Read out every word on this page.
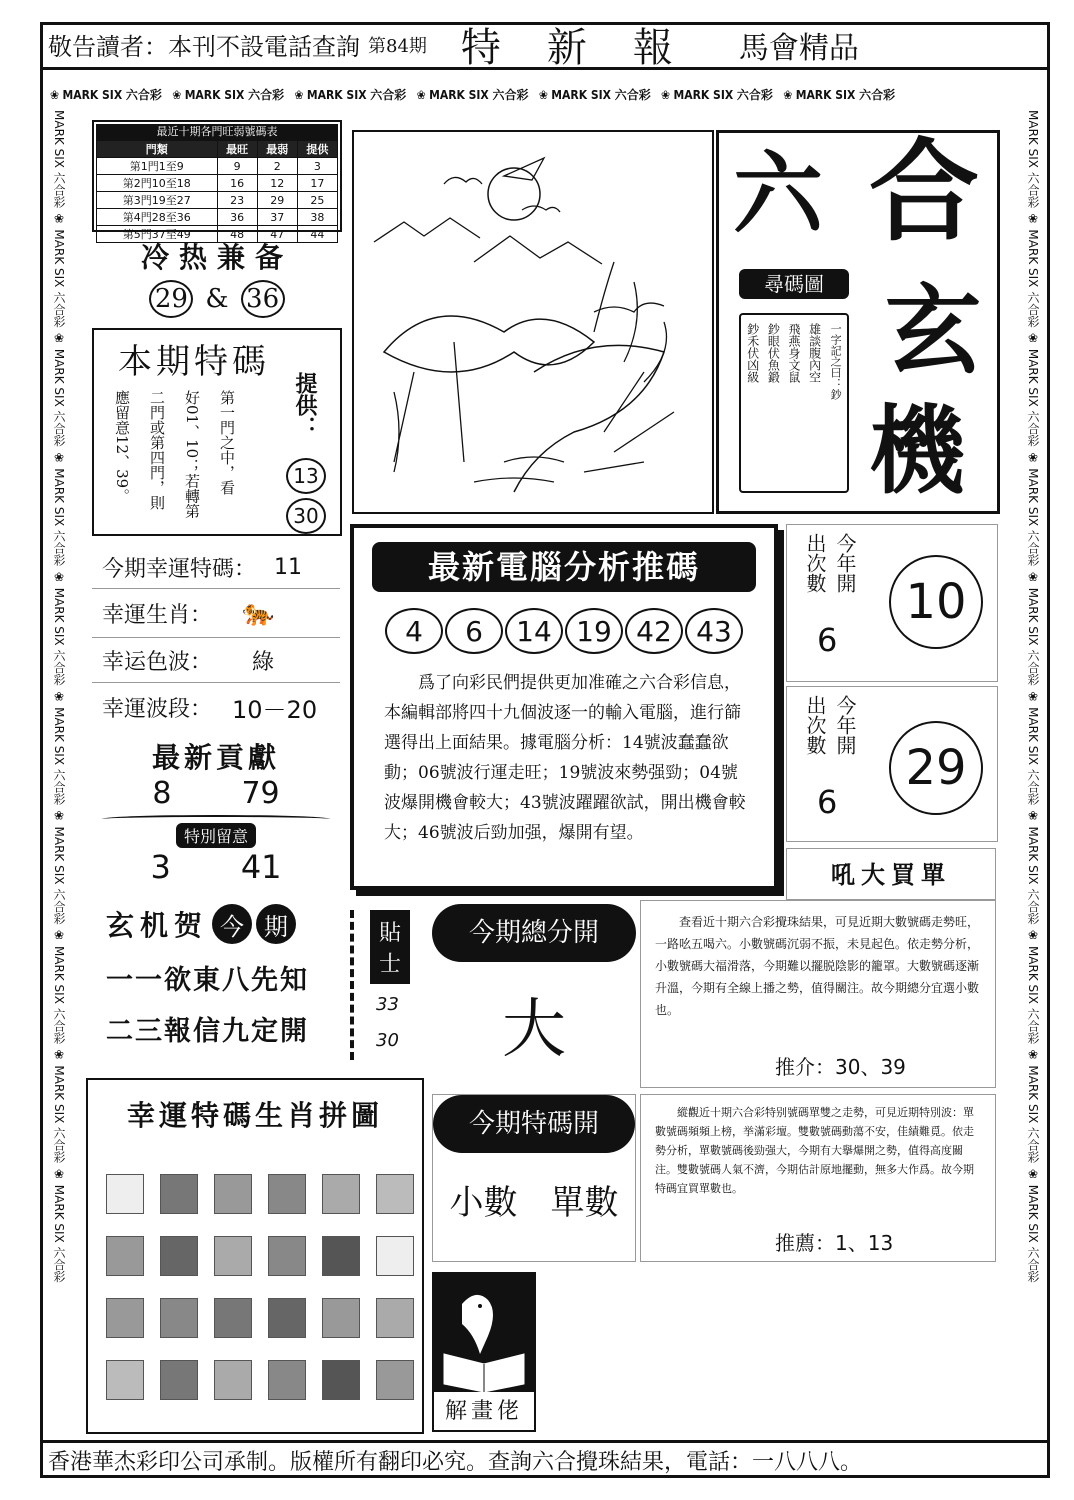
敬告讀者：本刊不設電話查詢 第84期 特新報 馬會精品
❀ MARK SIX 六合彩 ❀ MARK SIX 六合彩 ❀ MARK SIX 六合彩 ❀ MARK SIX 六合彩 ❀ MARK SIX 六合彩 ❀ MARK SIX 六合彩 ❀ MARK SIX 六合彩
MARK SIX 六合彩 ❀ MARK SIX 六合彩 ❀ MARK SIX 六合彩 ❀ MARK SIX 六合彩 ❀ MARK SIX 六合彩 ❀ MARK SIX 六合彩 ❀ MARK SIX 六合彩 ❀ MARK SIX 六合彩 ❀ MARK SIX 六合彩 ❀ MARK SIX 六合彩
MARK SIX 六合彩 ❀ MARK SIX 六合彩 ❀ MARK SIX 六合彩 ❀ MARK SIX 六合彩 ❀ MARK SIX 六合彩 ❀ MARK SIX 六合彩 ❀ MARK SIX 六合彩 ❀ MARK SIX 六合彩 ❀ MARK SIX 六合彩 ❀ MARK SIX 六合彩
最近十期各門旺弱號碼表
門類	最旺	最弱	提供
第1門1至9	9	2	3
第2門10至18	16	12	17
第3門19至27	23	29	25
第4門28至36	36	37	38
第5門37至49	48	47	44
冷热兼备
29 & 36
本期特碼
第一門之中，看
好01、10；若轉第
二門或第四門，則
應留意12、39。	提供：
13
30
今期幸運特碼： 11
幸運生肖： 🐅
幸运色波：	綠
幸運波段： 10－20
最新貢獻
8 79
特別留意
3 41
玄机贺 今 期
一一欲東八先知
二三報信九定開
貼
士
33
30
幸運特碼生肖拼圖
六 合
玄
機
尋碼圖
一字記之曰：鈔
雄談腹內空
飛燕身文鼠
鈔眼伏魚鍛
鈔禾伏凶級
最新電腦分析推碼
4	6	14 19 42 43
爲了向彩民們提供更加准確之六合彩信息，本編輯部將四十九個波逐一的輸入電腦，進行篩選得出上面結果。據電腦分析：14號波蠢蠢欲動；06號波行運走旺；19號波來勢强勁；04號波爆開機會較大；43號波躍躍欲試，開出機會較大；46號波后勁加强，爆開有望。
今年開
出次數
6
10
今年開
出次數
6
29
吼大買單
今期總分開
大
查看近十期六合彩攪珠結果，可見近期大數號碼走勢旺，一路吆五喝六。小數號碼沉弱不振，未見起色。依走勢分析，小數號碼大福滑落，今期難以擺脱陰影的籠罩。大數號碼逐漸升溫，今期有全線上播之勢，值得關注。故今期總分宜選小數也。
推介：30、39
今期特碼開
小數 單數
縱觀近十期六合彩特别號碼單雙之走勢，可見近期特別波：單數號碼頻頻上榜，挙滿彩壇。雙數號碼動蕩不安，佳績難覓。依走勢分析，單數號碼後勁强大，今期有大擧爆開之勢，值得高度關注。雙數號碼人氣不濟，今期估計原地擺動，無多大作爲。故今期特碼宜買單數也。
推薦：1、13
解畫佬
香港華杰彩印公司承制。版權所有翻印必究。查詢六合攪珠結果，電話：一八八八。
